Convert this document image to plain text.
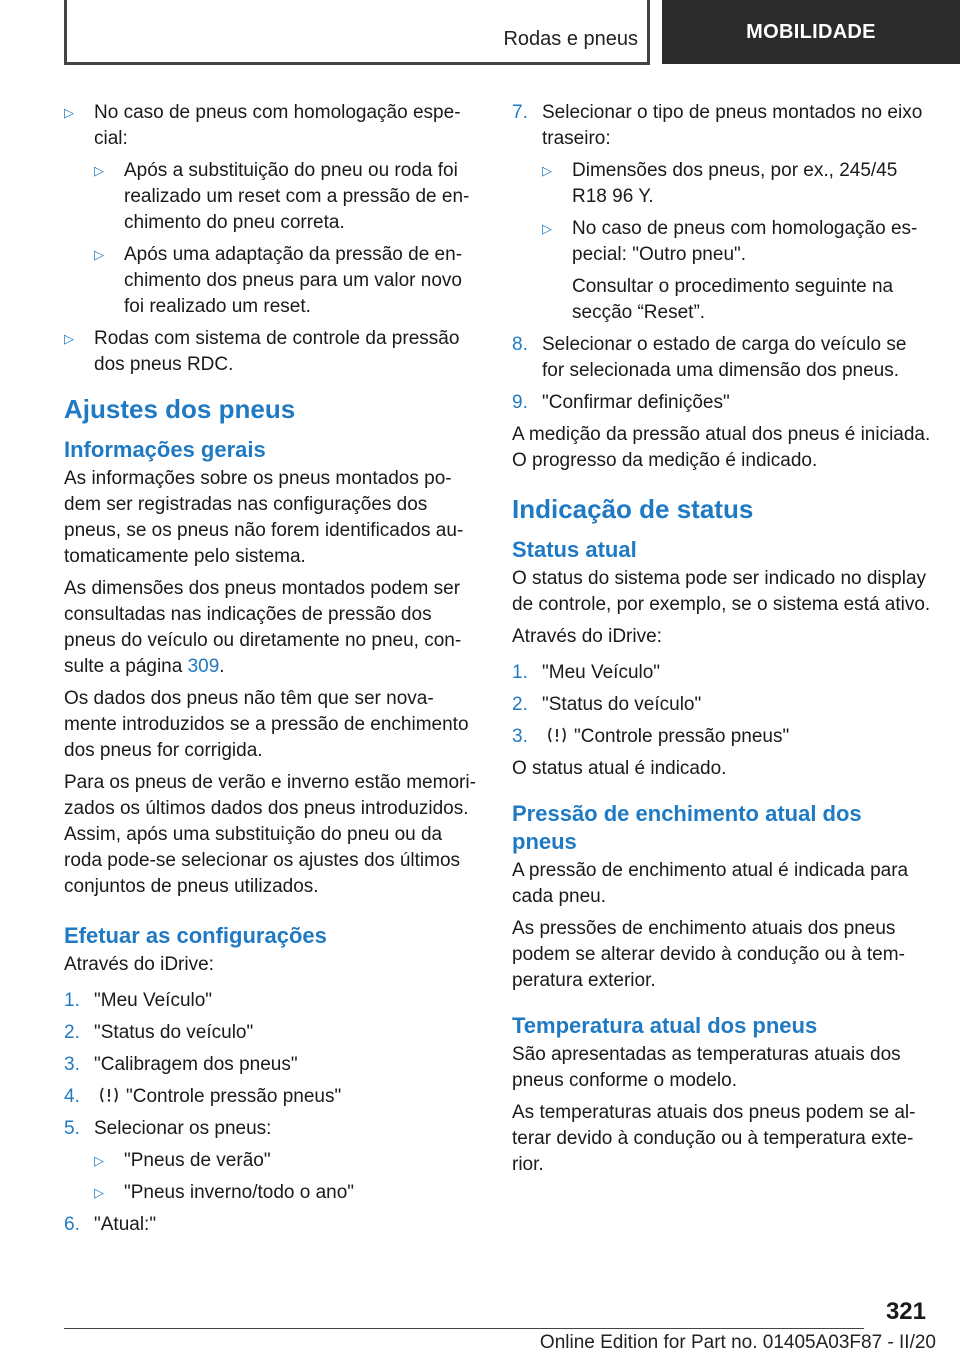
Rodas e pneus	MOBILIDADE
▷	No caso de pneus com homologação especial:
▷	Após a substituição do pneu ou roda foi realizado um reset com a pressão de enchimento do pneu correta.
▷	Após uma adaptação da pressão de enchimento dos pneus para um valor novo foi realizado um reset.
▷	Rodas com sistema de controle da pressão dos pneus RDC.
Ajustes dos pneus
Informações gerais

As informações sobre os pneus montados podem ser registradas nas configurações dos pneus, se os pneus não forem identificados automaticamente pelo sistema.

As dimensões dos pneus montados podem ser consultadas nas indicações de pressão dos pneus do veículo ou diretamente no pneu, consulte a página 309.

Os dados dos pneus não têm que ser novamente introduzidos se a pressão de enchimento dos pneus for corrigida.

Para os pneus de verão e inverno estão memorizados os últimos dados dos pneus introduzidos. Assim, após uma substituição do pneu ou da roda pode-se selecionar os ajustes dos últimos conjuntos de pneus utilizados.

Efetuar as configurações

Através do iDrive:

1. "Meu Veículo"
2. "Status do veículo"
3. "Calibragem dos pneus"
4.	"Controle pressão pneus"
5. Selecionar os pneus:
▷	"Pneus de verão"
▷	"Pneus inverno/todo o ano"
6. "Atual:"
7. Selecionar o tipo de pneus montados no eixo traseiro:
▷	Dimensões dos pneus, por ex., 245/45 R18 96 Y.
▷	No caso de pneus com homologação especial: "Outro pneu".

Consultar o procedimento seguinte na secção “Reset”.

8. Selecionar o estado de carga do veículo se for selecionada uma dimensão dos pneus.
9. "Confirmar definições"

A medição da pressão atual dos pneus é iniciada. O progresso da medição é indicado.

Indicação de status
Status atual

O status do sistema pode ser indicado no display de controle, por exemplo, se o sistema está ativo.

Através do iDrive:

1. "Meu Veículo"
2. "Status do veículo"
3.	"Controle pressão pneus"

O status atual é indicado.

Pressão de enchimento atual dos pneus

A pressão de enchimento atual é indicada para cada pneu.

As pressões de enchimento atuais dos pneus podem se alterar devido à condução ou à temperatura exterior.

Temperatura atual dos pneus

São apresentadas as temperaturas atuais dos pneus conforme o modelo.

As temperaturas atuais dos pneus podem se alterar devido à condução ou à temperatura exterior.

321
Online Edition for Part no. 01405A03F87 - II/20
